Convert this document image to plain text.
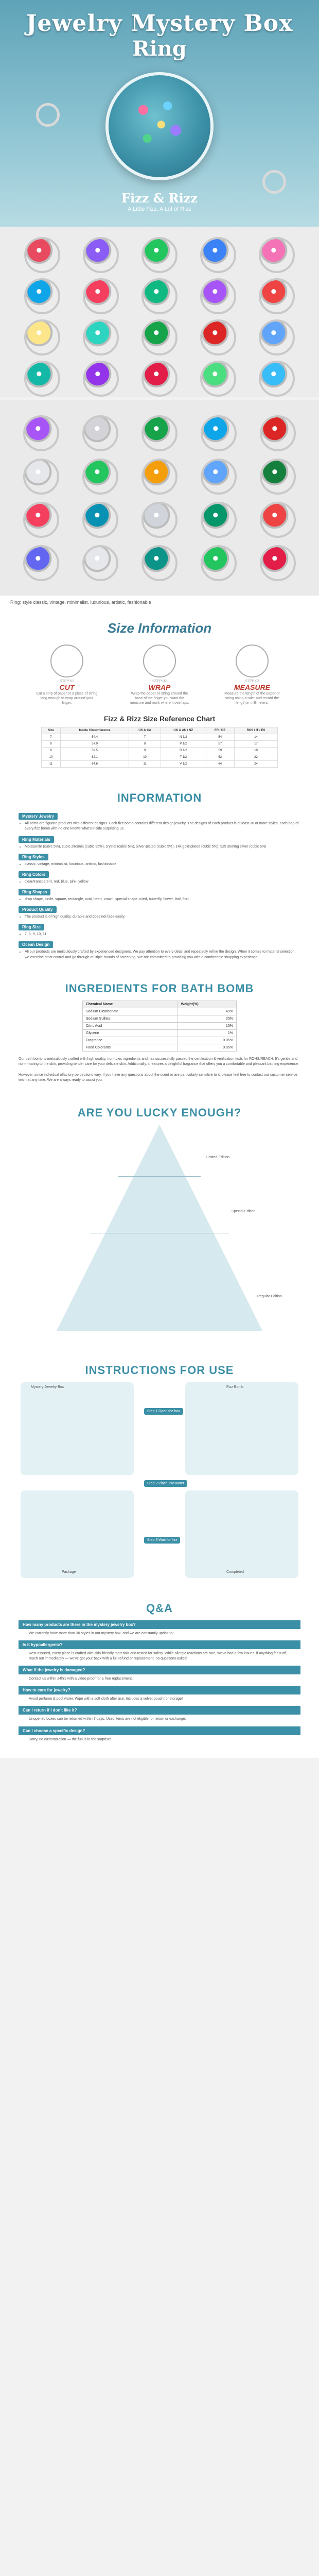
Jewelry Mystery Box
Ring
Fizz & Rizz
A Little Fizz, A Lot of Rizz
Ring: style classic, vintage, minimalist, luxurious, artistic, fashionable
Size Information
STEP 01
CUT
Cut a strip of paper or a piece of string long enough to wrap around your finger.
STEP 02
WRAP
Wrap the paper or string around the base of the finger you want the measure and mark where it overlaps.
STEP 03
MEASURE
Measure the length of the paper or string using a ruler and record the length in millimeters.
Fizz & Rizz Size Reference Chart
Size	Inside Circumference	US & CA	UK & AU / NZ	FR / DE	RUS / IT / ES
7	54.4	7	N 1/2	54	14
8	57.0	8	P 1/2	57	17
9	59.5	9	R 1/2	59	19
10	62.1	10	T 1/2	62	22
11	64.6	11	V 1/2	64	24
INFORMATION
Mystery Jewelry
• All items are figurine products with different designs. Each fizz bomb contains different design jewelry. The designs of each product is at least 30 or more styles, each bag of every fizz bomb with no one knows what's inside surprising us.
Ring Materials
• Moissanite (cubic 5%), cubic zirconia (cubic 95%), crystal (cubic 5%), silver-plated (cubic 5%), 14k gold-plated (cubic 5%), 925 sterling silver (cubic 5%)
Ring Styles
• classic, vintage, minimalist, luxurious, artistic, fashionable
Ring Colors
• clear/transparent, red, blue, pink, yellow
Ring Shapes
• drop shape, circle, square, rectangle, oval, heart, crown, special shape, ivied, butterfly, flower, leaf, fruit
Product Quality
• The product is of high quality, durable and does not fade easily.
Ring Size
• 7, 8, 9, 10, 11
Ocean Design
• All our products are meticulously crafted by experienced designers. We pay attention to every detail and repeatedly refine the design. When it comes to material selection, we exercise strict control and go through multiple rounds of screening. We are committed to providing you with a comfortable shopping experience.
INGREDIENTS FOR BATH BOMB
Chemical Name	Weight(%)
Sodium Bicarbonate	49%
Sodium Sulfate	25%
Citric Acid	15%
Glycerin	1%
Fragrance	0.05%
Food Colorants	0.05%

Our bath bomb is meticulously crafted with high quality, non-toxic ingredients and has successfully passed the certification & verification tests for ROHS/REACH. It's gentle and non-irritating to the skin, providing tender care for your delicate skin. Additionally, it features a delightful fragrance that offers you a comfortable and pleasant bathing experience.

However, since individual olfactory perceptions vary, if you have any questions about the scent or are particularly sensitive to it, please feel free to contact our customer service team at any time. We are always ready to assist you.

ARE YOU LUCKY ENOUGH?
Limited Edition
Special Edition
Regular Edition
INSTRUCTIONS FOR USE
Mystery Jewelry Box	Fizz Bomb
Package	Completed
Step 1 Open the box
Step 2 Place into water
Step 3 Wait for fizz
Q&A
How many products are there in the mystery jewelry box?
We currently have more than 30 styles in our mystery box, and we are constantly updating!
Is it hypoallergenic?
Rest assured, every piece is crafted with skin-friendly materials and tested for safety. While allergic reactions are rare, we've had a few issues. if anything feels off, reach out immediately — we've got your back with a full refund or replacement, no questions asked.
What if the jewelry is damaged?
Contact us within 24hrs with a video proof for a free replacement.
How to care for jewelry?
Avoid perfume & pool water. Wipe with a soft cloth after use. Includes a velvet pouch for storage!
Can I return if I don't like it?
Unopened boxes can be returned within 7 days. Used items are not eligible for return or exchange.
Can I choose a specific design?
Sorry, no customization — the fun is in the surprise!
